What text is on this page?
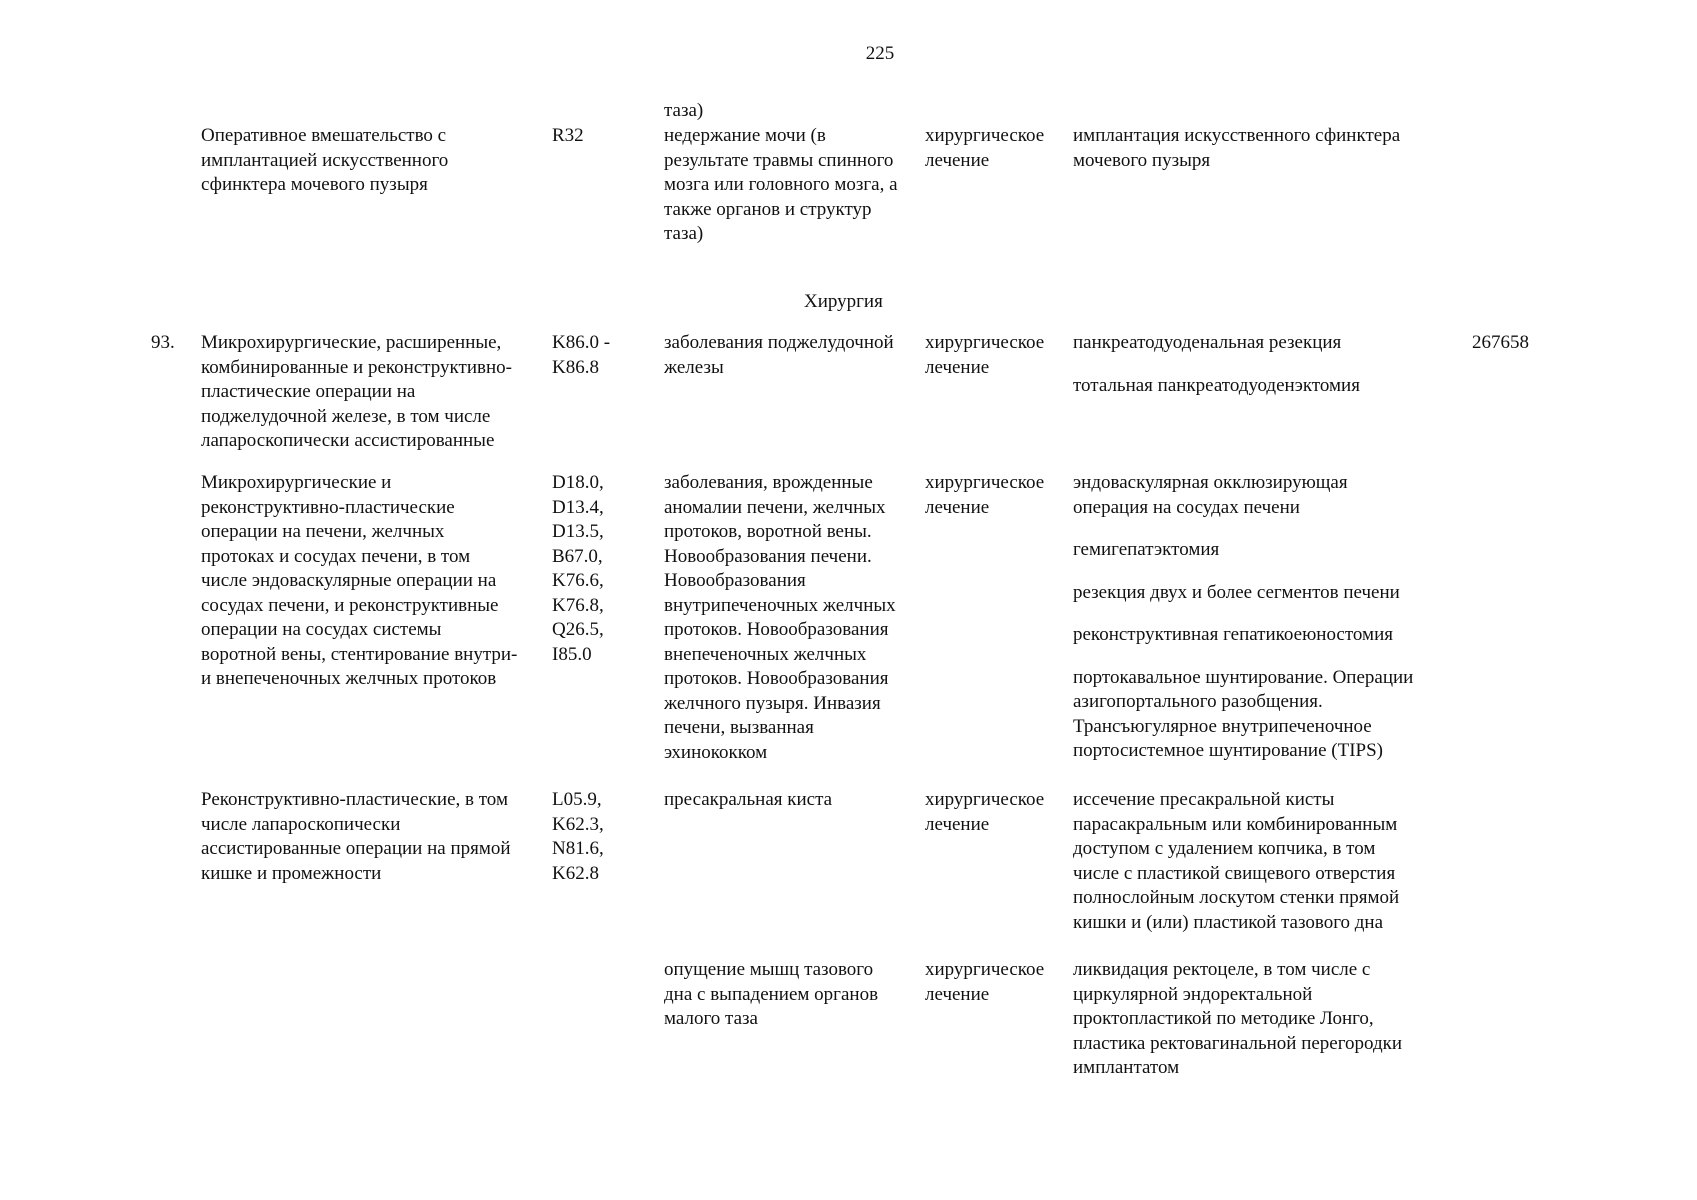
225
таза)
Оперативное вмешательство с
имплантацией искусственного
сфинктера мочевого пузыря
R32	недержание мочи (в
результате травмы спинного
мозга или головного мозга, а
также органов и структур
таза)
хирургическое
лечение
имплантация искусственного сфинктера
мочевого пузыря
Хирургия
93. Микрохирургические, расширенные,
комбинированные и реконструктивно-
пластические операции на
поджелудочной железе, в том числе
лапароскопически ассистированные
K86.0 -
K86.8
заболевания поджелудочной
железы
хирургическое
лечение
панкреатодуоденальная резекция
тотальная панкреатодуоденэктомия
267658
Микрохирургические и
реконструктивно-пластические
операции на печени, желчных
протоках и сосудах печени, в том
числе эндоваскулярные операции на
сосудах печени, и реконструктивные
операции на сосудах системы
воротной вены, стентирование внутри-
и внепеченочных желчных протоков
D18.0,
D13.4,
D13.5,
B67.0,
K76.6,
K76.8,
Q26.5,
I85.0
заболевания, врожденные
аномалии печени, желчных
протоков, воротной вены.
Новообразования печени.
Новообразования
внутрипеченочных желчных
протоков. Новообразования
внепеченочных желчных
протоков. Новообразования
желчного пузыря. Инвазия
печени, вызванная
эхинококком
хирургическое
лечение
эндоваскулярная окклюзирующая
операция на сосудах печени
гемигепатэктомия
резекция двух и более сегментов печени
реконструктивная гепатикоеюностомия
портокавальное шунтирование. Операции
азигопортального разобщения.
Трансъюгулярное внутрипеченочное
портосистемное шунтирование (TIPS)
Реконструктивно-пластические, в том
числе лапароскопически
ассистированные операции на прямой
кишке и промежности
L05.9,
K62.3,
N81.6,
K62.8
пресакральная киста	хирургическое
лечение
иссечение пресакральной кисты
парасакральным или комбинированным
доступом с удалением копчика, в том
числе с пластикой свищевого отверстия
полнослойным лоскутом стенки прямой
кишки и (или) пластикой тазового дна
опущение мышц тазового
дна с выпадением органов
малого таза
хирургическое
лечение
ликвидация ректоцеле, в том числе с
циркулярной эндоректальной
проктопластикой по методике Лонго,
пластика ректовагинальной перегородки
имплантатом
